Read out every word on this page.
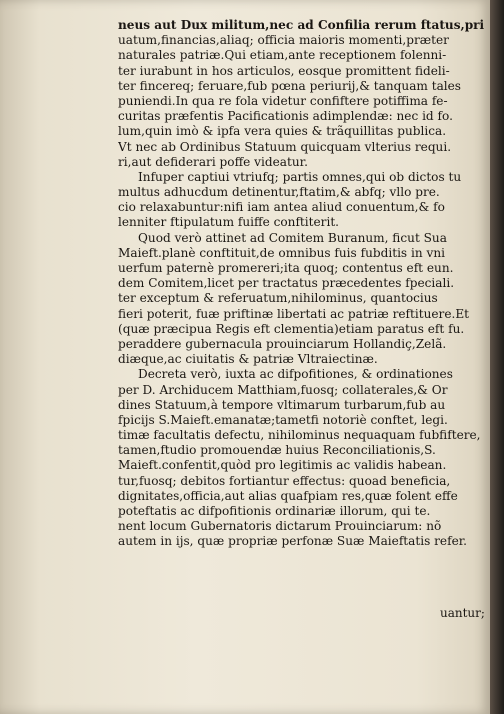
neus aut Dux militum,nec ad Confilia rerum ftatus,pri
uatum,financias,aliaq; officia maioris momenti,præter
naturales patriæ.Qui etiam,ante receptionem folenni-
ter iurabunt in hos articulos, eosque promittent fideli-
ter fincereq; feruare,fub pœna periurij,& tanquam tales
puniendi.In qua re fola videtur confiftere potiffima fe-
curitas præfentis Pacificationis adimplendæ: nec id fo.
lum,quin imò & ipfa vera quies & trãquillitas publica.
Vt nec ab Ordinibus Statuum quicquam vlterius requi.
ri,aut defiderari poffe videatur.
Infuper captiui vtriufq; partis omnes,qui ob dictos tu
multus adhucdum detinentur,ftatim,& abfq; vllo pre.
cio relaxabuntur:nifi iam antea aliud conuentum,& fo
lenniter ftipulatum fuiffe conftiterit.
Quod verò attinet ad Comitem Buranum, ficut Sua
Maieft.planè conftituit,de omnibus fuis fubditis in vni
uerfum paternè promereri;ita quoq; contentus eft eun.
dem Comitem,licet per tractatus præcedentes fpeciali.
ter exceptum & referuatum,nihilominus, quantocius
fieri poterit, fuæ priftinæ libertati ac patriæ reftituere.Et
(quæ præcipua Regis eft clementia)etiam paratus eft fu.
peraddere gubernacula prouinciarum Hollandiç,Zelã.
diæque,ac ciuitatis & patriæ Vltraiectinæ.
Decreta verò, iuxta ac difpofitiones, & ordinationes
per D. Archiducem Matthiam,fuosq; collaterales,& Or
dines Statuum,à tempore vltimarum turbarum,fub au
fpicijs S.Maieft.emanatæ;tametfi notoriè conftet, legi.
timæ facultatis defectu, nihilominus nequaquam fubfiftere,
tamen,ftudio promouendæ huius Reconciliationis,S.
Maieft.confentit,quòd pro legitimis ac validis habean.
tur,fuosq; debitos fortiantur effectus: quoad beneficia,
dignitates,officia,aut alias quafpiam res,quæ folent effe
poteftatis ac difpofitionis ordinariæ illorum, qui te.
nent locum Gubernatoris dictarum Prouinciarum: nõ
autem in ijs, quæ propriæ perfonæ Suæ Maieftatis refer.
uantur;
